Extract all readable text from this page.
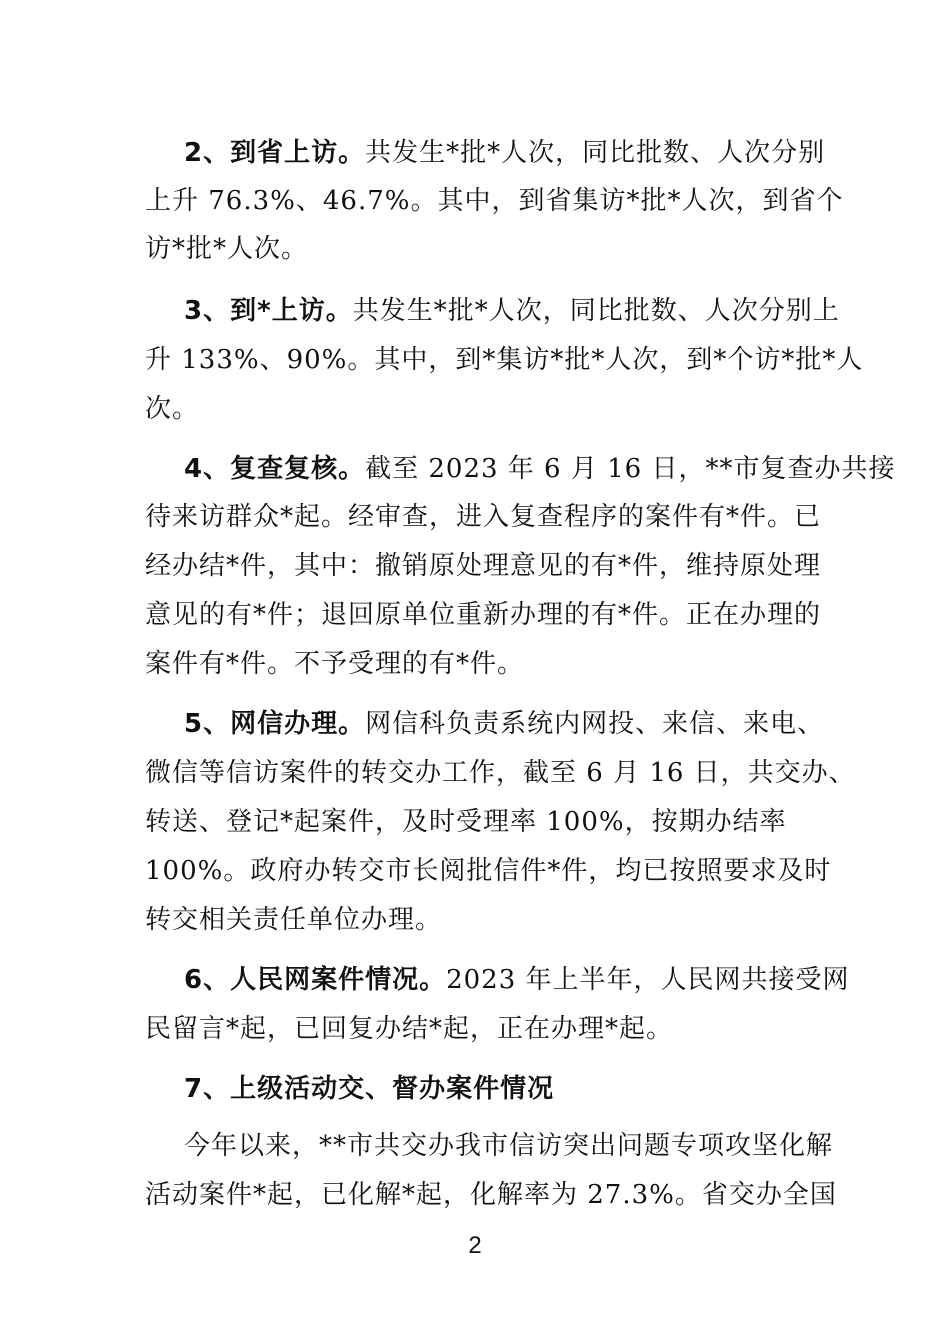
2、到省上访。共发生*批*人次，同比批数、人次分别
上升 76.3%、46.7%。其中，到省集访*批*人次，到省个
访*批*人次。
3、到*上访。共发生*批*人次，同比批数、人次分别上
升 133%、90%。其中，到*集访*批*人次，到*个访*批*人
次。
4、复查复核。截至 2023 年 6 月 16 日，**市复查办共接
待来访群众*起。经审查，进入复查程序的案件有*件。已
经办结*件，其中：撤销原处理意见的有*件，维持原处理
意见的有*件；退回原单位重新办理的有*件。正在办理的
案件有*件。不予受理的有*件。
5、网信办理。网信科负责系统内网投、来信、来电、
微信等信访案件的转交办工作，截至 6 月 16 日，共交办、
转送、登记*起案件，及时受理率 100%，按期办结率
100%。政府办转交市长阅批信件*件，均已按照要求及时
转交相关责任单位办理。
6、人民网案件情况。2023 年上半年，人民网共接受网
民留言*起，已回复办结*起，正在办理*起。
7、上级活动交、督办案件情况
今年以来，**市共交办我市信访突出问题专项攻坚化解
活动案件*起，已化解*起，化解率为 27.3%。省交办全国
2
